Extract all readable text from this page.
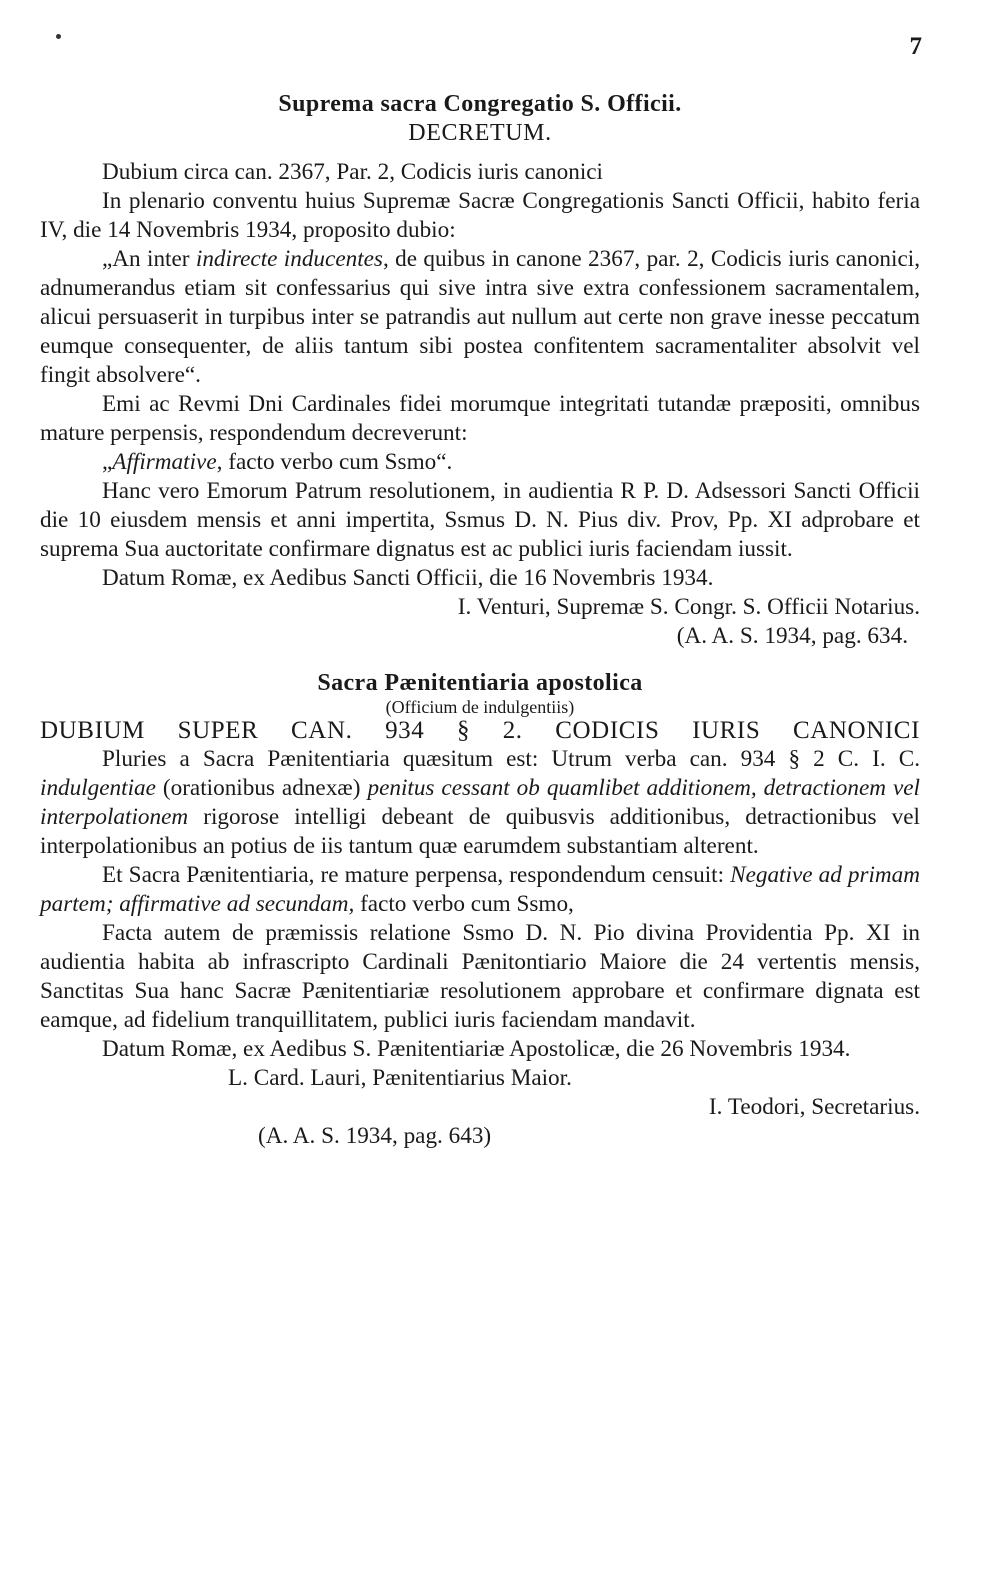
7
Suprema sacra Congregatio S. Officii.
DECRETUM.

Dubium circa can. 2367, Par. 2, Codicis iuris canonici

In plenario conventu huius Supremæ Sacræ Congregationis Sancti Officii, habito feria IV, die 14 Novembris 1934, proposito dubio:

„An inter indirecte inducentes, de quibus in canone 2367, par. 2, Codicis iuris canonici, adnumerandus etiam sit confessarius qui sive intra sive extra confessionem sacramentalem, alicui persuaserit in turpibus inter se patrandis aut nullum aut certe non grave inesse peccatum eumque consequenter, de aliis tantum sibi postea confitentem sacramentaliter absolvit vel fingit absolvere“.

Emi ac Revmi Dni Cardinales fidei morumque integritati tutandæ præpositi, omnibus mature perpensis, respondendum decreverunt:

„Affirmative, facto verbo cum Ssmo“.

Hanc vero Emorum Patrum resolutionem, in audientia R P. D. Adsessori Sancti Officii die 10 eiusdem mensis et anni impertita, Ssmus D. N. Pius div. Prov, Pp. XI adprobare et suprema Sua auctoritate confirmare dignatus est ac publici iuris faciendam iussit.

Datum Romæ, ex Aedibus Sancti Officii, die 16 Novembris 1934.

I. Venturi, Supremæ S. Congr. S. Officii Notarius.

(A. A. S. 1934, pag. 634.

Sacra Pænitentiaria apostolica
(Officium de indulgentiis)
DUBIUM SUPER CAN. 934 § 2. CODICIS IURIS CANONICI

Pluries a Sacra Pænitentiaria quæsitum est: Utrum verba can. 934 § 2 C. I. C. indulgentiae (orationibus adnexæ) penitus cessant ob quamlibet additionem, detractionem vel interpolationem rigorose intelligi debeant de quibusvis additionibus, detractionibus vel interpolationibus an potius de iis tantum quæ earumdem substantiam alterent.

Et Sacra Pænitentiaria, re mature perpensa, respondendum censuit: Negative ad primam partem; affirmative ad secundam, facto verbo cum Ssmo,

Facta autem de præmissis relatione Ssmo D. N. Pio divina Providentia Pp. XI in audientia habita ab infrascripto Cardinali Pænitontiario Maiore die 24 vertentis mensis, Sanctitas Sua hanc Sacræ Pænitentiariæ resolutionem approbare et confirmare dignata est eamque, ad fidelium tranquillitatem, publici iuris faciendam mandavit.

Datum Romæ, ex Aedibus S. Pænitentiariæ Apostolicæ, die 26 Novembris 1934.

L. Card. Lauri, Pænitentiarius Maior.

I. Teodori, Secretarius.

(A. A. S. 1934, pag. 643)
